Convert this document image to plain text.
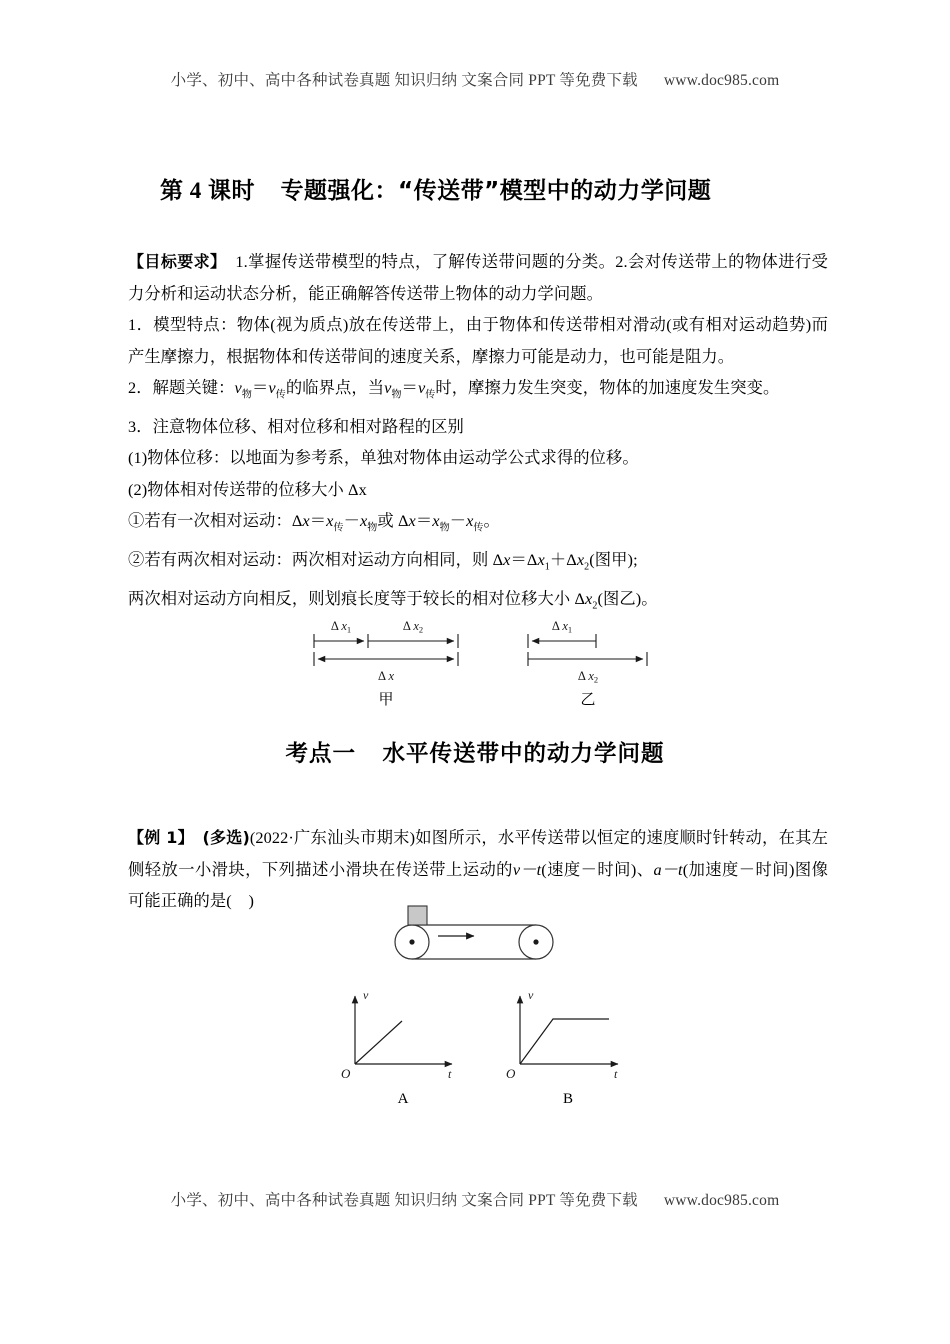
小学、初中、高中各种试卷真题 知识归纳 文案合同 PPT 等免费下载 www.doc985.com
第 4 课时 专题强化：“传送带”模型中的动力学问题

【目标要求】 1.掌握传送带模型的特点，了解传送带问题的分类。2.会对传送带上的物体进行受力分析和运动状态分析，能正确解答传送带上物体的动力学问题。

1．模型特点：物体(视为质点)放在传送带上，由于物体和传送带相对滑动(或有相对运动趋势)而产生摩擦力，根据物体和传送带间的速度关系，摩擦力可能是动力，也可能是阻力。

2．解题关键：$v_物=v_传$的临界点，当$v_物=v_传$时，摩擦力发生突变，物体的加速度发生突变。

3．注意物体位移、相对位移和相对路程的区别

(1)物体位移：以地面为参考系，单独对物体由运动学公式求得的位移。

(2)物体相对传送带的位移大小 Δx

①若有一次相对运动：$\Delta x=x_传-x_物$或 $\Delta x=x_物-x_传$。

②若有两次相对运动：两次相对运动方向相同，则 $\Delta x=\Delta x_1+\Delta x_2$(图甲);

两次相对运动方向相反，则划痕长度等于较长的相对位移大小 $\Delta x_2$(图乙)。

Δ $x_1$	Δ $x_2$
Δ x
Δ $x_1$
Δ $x_2$
甲	乙
考点一 水平传送带中的动力学问题

【例 1】 (多选)(2022·广东汕头市期末)如图所示，水平传送带以恒定的速度顺时针转动，在其左侧轻放一小滑块，下列描述小滑块在传送带上运动的v－t(速度－时间)、a－t(加速度－时间)图像可能正确的是( )

v
t
O
v
t
O
A	B
小学、初中、高中各种试卷真题 知识归纳 文案合同 PPT 等免费下载 www.doc985.com
